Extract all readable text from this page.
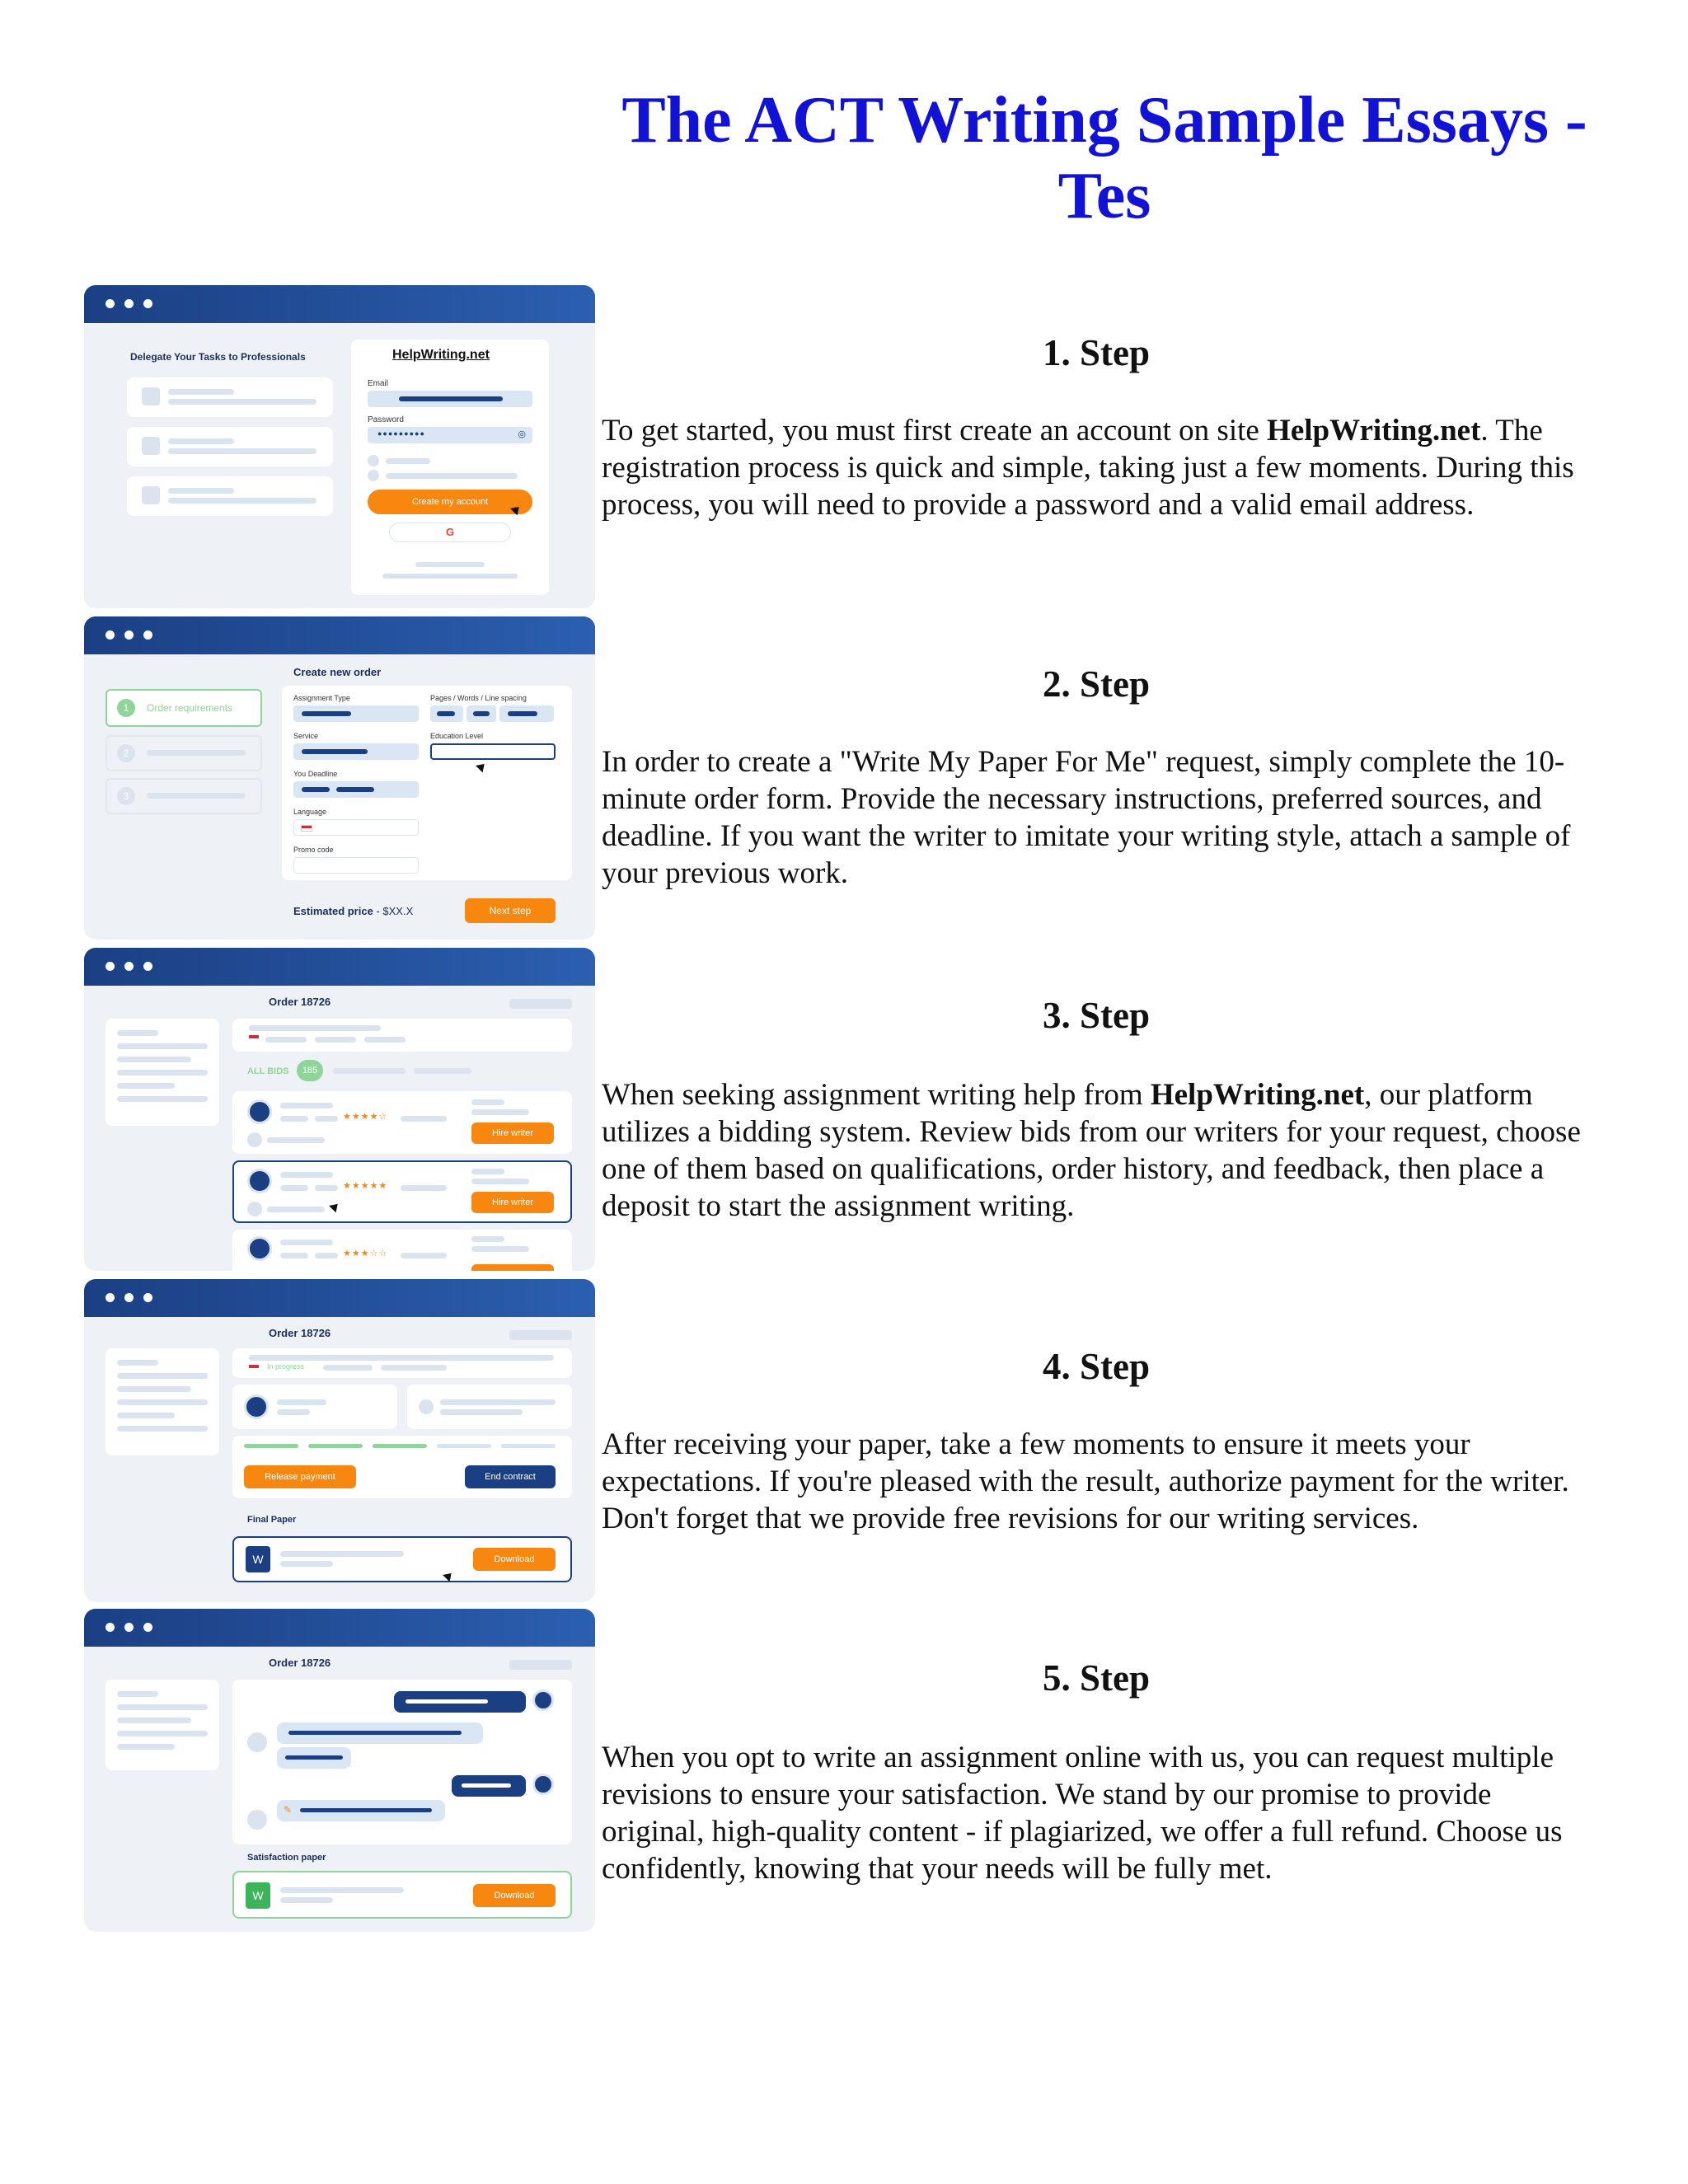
The ACT Writing Sample Essays - Tes
Delegate Your Tasks to Professionals	HelpWriting.net
Email
Password
●●●●●●●●●	◎
Create my account
G
1	Order requirements
2
3
Create new order
Assignment Type	Pages / Words / Line spacing
Service	Education Level
You Deadline
Language
Promo code
Estimated price - $XX.X	Next step
Order 18726
ALL BIDS	185
★★★★☆
Hire writer
★★★★★
Hire writer
★★★☆☆
Order 18726
In progress
Release payment	End contract
Final Paper
W	Download
Order 18726
✎
Satisfaction paper
W	Download
1. Step

To get started, you must first create an account on site HelpWriting.net. The registration process is quick and simple, taking just a few moments. During this process, you will need to provide a password and a valid email address.

2. Step

In order to create a "Write My Paper For Me" request, simply complete the 10-minute order form. Provide the necessary instructions, preferred sources, and deadline. If you want the writer to imitate your writing style, attach a sample of your previous work.

3. Step

When seeking assignment writing help from HelpWriting.net, our platform utilizes a bidding system. Review bids from our writers for your request, choose one of them based on qualifications, order history, and feedback, then place a deposit to start the assignment writing.

4. Step

After receiving your paper, take a few moments to ensure it meets your expectations. If you're pleased with the result, authorize payment for the writer. Don't forget that we provide free revisions for our writing services.

5. Step

When you opt to write an assignment online with us, you can request multiple revisions to ensure your satisfaction. We stand by our promise to provide original, high-quality content - if plagiarized, we offer a full refund. Choose us confidently, knowing that your needs will be fully met.
